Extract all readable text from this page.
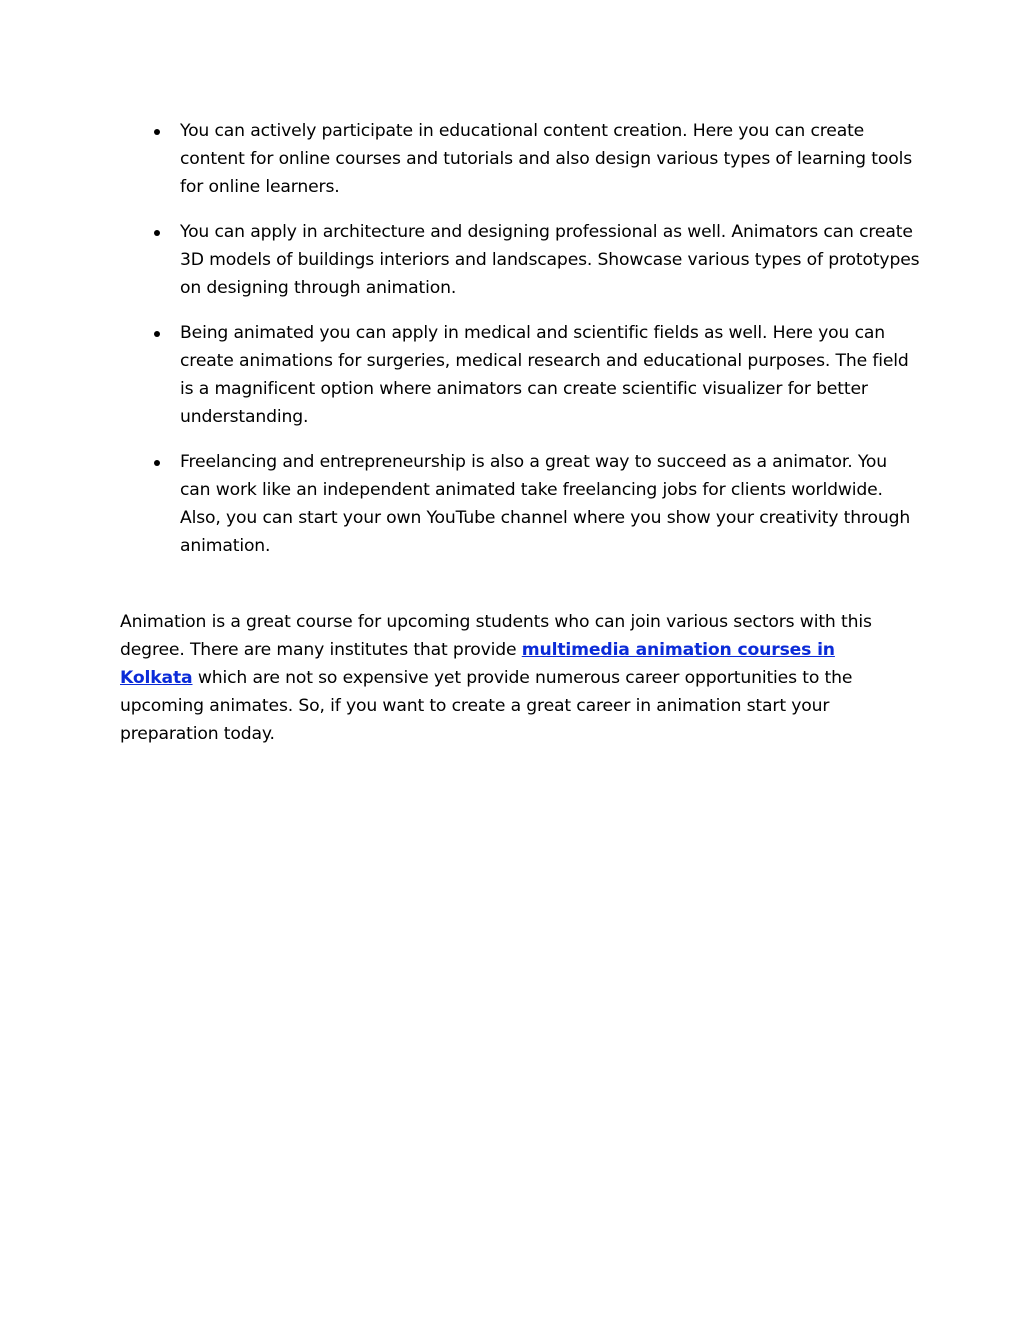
You can actively participate in educational content creation. Here you can create content for online courses and tutorials and also design various types of learning tools for online learners.
You can apply in architecture and designing professional as well. Animators can create 3D models of buildings interiors and landscapes. Showcase various types of prototypes on designing through animation.
Being animated you can apply in medical and scientific fields as well. Here you can create animations for surgeries, medical research and educational purposes. The field is a magnificent option where animators can create scientific visualizer for better understanding.
Freelancing and entrepreneurship is also a great way to succeed as a animator. You can work like an independent animated take freelancing jobs for clients worldwide. Also, you can start your own YouTube channel where you show your creativity through animation.

Animation is a great course for upcoming students who can join various sectors with this degree. There are many institutes that provide multimedia animation courses in Kolkata which are not so expensive yet provide numerous career opportunities to the upcoming animates. So, if you want to create a great career in animation start your preparation today.
